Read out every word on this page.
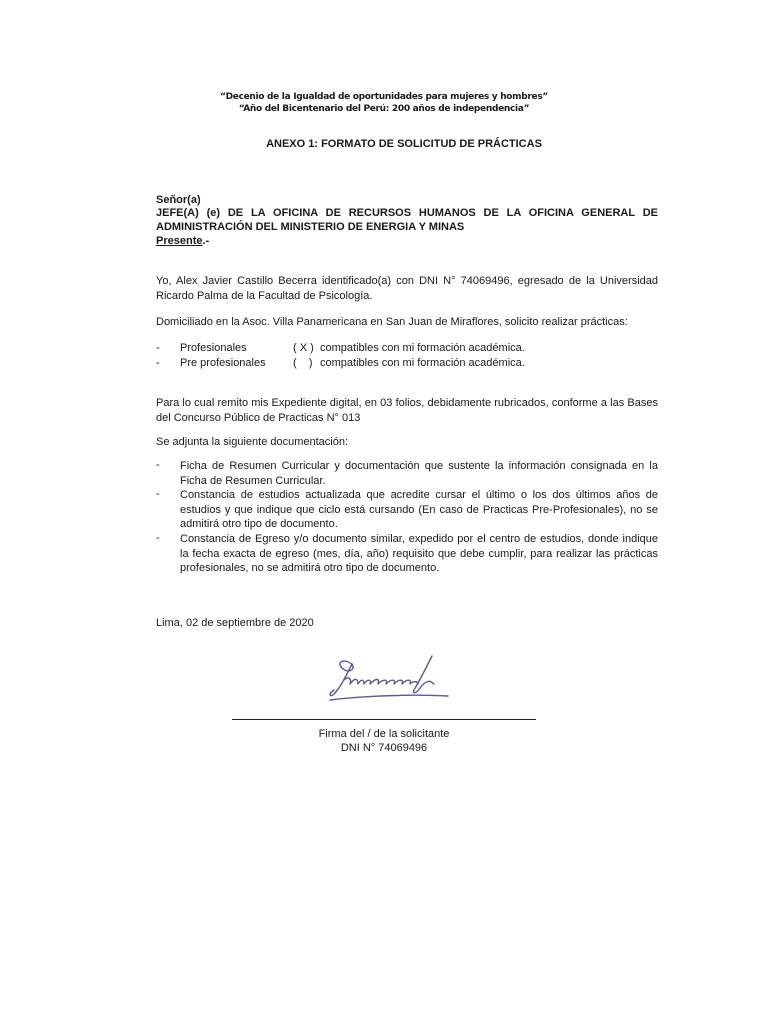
“Decenio de la Igualdad de oportunidades para mujeres y hombres”
“Año del Bicentenario del Perú: 200 años de independencia”
ANEXO 1: FORMATO DE SOLICITUD DE PRÁCTICAS
Señor(a)
JEFE(A) (e) DE LA OFICINA DE RECURSOS HUMANOS DE LA OFICINA GENERAL DE ADMINISTRACIÓN DEL MINISTERIO DE ENERGIA Y MINAS
Presente.-
Yo, Alex Javier Castillo Becerra identificado(a) con DNI N° 74069496, egresado de la Universidad Ricardo Palma de la Facultad de Psicología.
Domiciliado en la Asoc. Villa Panamericana en San Juan de Miraflores, solicito realizar prácticas:
- Profesionales	( X ) compatibles con mi formación académica.
- Pre profesionales (    ) compatibles con mi formación académica.
Para lo cual remito mis Expediente digital, en 03 folios, debidamente rubricados, conforme a las Bases del Concurso Público de Practicas N° 013
Se adjunta la siguiente documentación:
- Ficha de Resumen Curricular y documentación que sustente la información consignada en la Ficha de Resumen Curricular.
- Constancia de estudios actualizada que acredite cursar el último o los dos últimos años de estudios y que indique que ciclo está cursando (En caso de Practicas Pre-Profesionales), no se admitirá otro tipo de documento.
- Constancia de Egreso y/o documento similar, expedido por el centro de estudios, donde indique la fecha exacta de egreso (mes, día, año) requisito que debe cumplir, para realizar las prácticas profesionales, no se admitirá otro tipo de documento.
Lima, 02 de septiembre de 2020
Firma del / de la solicitante
DNI N° 74069496
